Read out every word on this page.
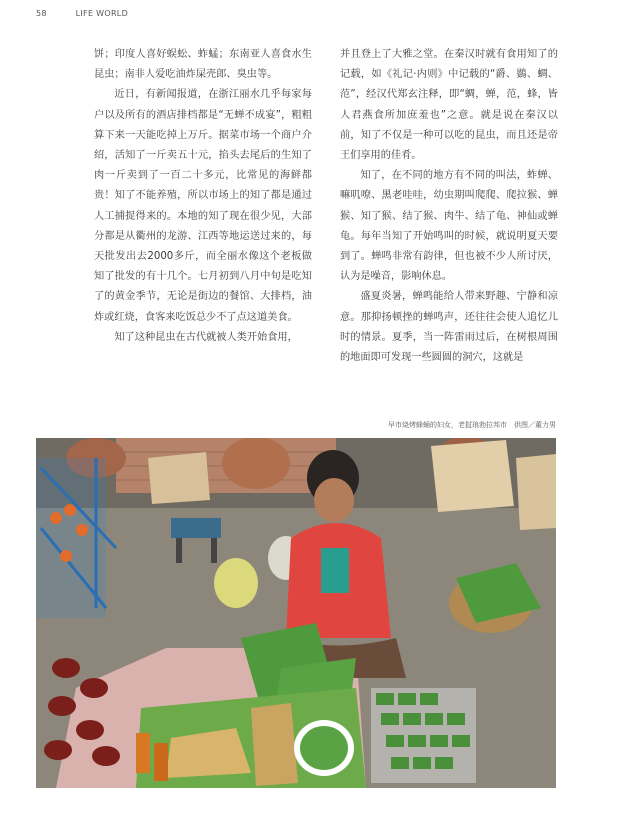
58	LIFE WORLD

饼；印度人喜好蜈蚣、蚱蜢；东南亚人喜食水生昆虫；南非人爱吃油炸屎壳郎、臭虫等。

近日，有新闻报道，在浙江丽水几乎每家每户以及所有的酒店排档都是“无蝉不成宴”，粗粗算下来一天能吃掉上万斤。据菜市场一个商户介绍，活知了一斤卖五十元，掐头去尾后的生知了肉一斤卖到了一百二十多元，比常见的海鲜都贵！知了不能养殖，所以市场上的知了都是通过人工捕捉得来的。本地的知了现在很少见，大部分都是从衢州的龙游、江西等地运送过来的，每天批发出去2000多斤，而全丽水像这个老板做知了批发的有十几个。七月初到八月中旬是吃知了的黄金季节，无论是街边的餐馆、大排档，油炸或红烧，食客来吃饭总少不了点这道美食。

知了这种昆虫在古代就被人类开始食用，

并且登上了大雅之堂。在秦汉时就有食用知了的记载，如《礼记·内则》中记载的“爵、鷃、蜩、范”，经汉代郑玄注释，即“蜩，蝉，范，蜂，皆人君燕食所加庶羞也”之意。就是说在秦汉以前，知了不仅是一种可以吃的昆虫，而且还是帝王们享用的佳肴。

知了，在不同的地方有不同的叫法，蚱蝉、嘛叽嘹、黑老哇哇，幼虫期叫爬爬、爬拉猴、蝉猴、知了猴、结了猴、肉牛、结了龟、神仙或蝉龟。每年当知了开始鸣叫的时候，就说明夏天要到了。蝉鸣非常有韵律，但也被不少人所讨厌，认为是噪音，影响休息。

盛夏炎暑，蝉鸣能给人带来野趣、宁静和凉意。那抑扬顿挫的蝉鸣声，还往往会使人追忆儿时的情景。夏季，当一阵雷雨过后，在树根周围的地面即可发现一些圆圆的洞穴，这就是

早市烧烤蜂蛹的妇女，老挝琅勃拉邦市　供图／董力男
